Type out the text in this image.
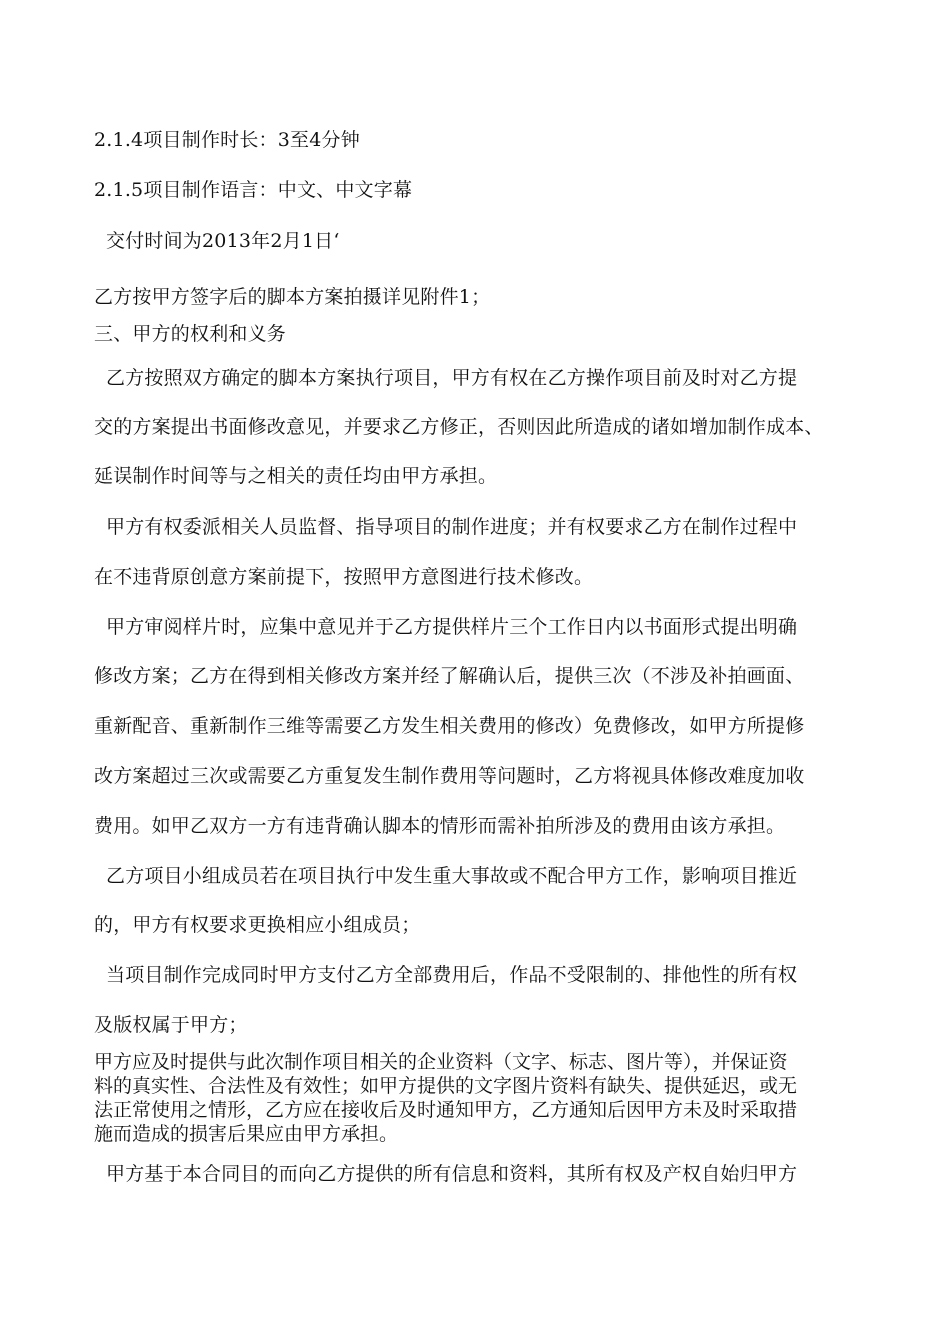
2.1.4项目制作时长：3至4分钟
2.1.5项目制作语言：中文、中文字幕
交付时间为2013年2月1日‘
乙方按甲方签字后的脚本方案拍摄详见附件1；
三、甲方的权利和义务
乙方按照双方确定的脚本方案执行项目，甲方有权在乙方操作项目前及时对乙方提
交的方案提出书面修改意见，并要求乙方修正，否则因此所造成的诸如增加制作成本、
延误制作时间等与之相关的责任均由甲方承担。
甲方有权委派相关人员监督、指导项目的制作进度；并有权要求乙方在制作过程中
在不违背原创意方案前提下，按照甲方意图进行技术修改。
甲方审阅样片时，应集中意见并于乙方提供样片三个工作日内以书面形式提出明确
修改方案；乙方在得到相关修改方案并经了解确认后，提供三次（不涉及补拍画面、
重新配音、重新制作三维等需要乙方发生相关费用的修改）免费修改，如甲方所提修
改方案超过三次或需要乙方重复发生制作费用等问题时，乙方将视具体修改难度加收
费用。如甲乙双方一方有违背确认脚本的情形而需补拍所涉及的费用由该方承担。
乙方项目小组成员若在项目执行中发生重大事故或不配合甲方工作，影响项目推近
的，甲方有权要求更换相应小组成员；
当项目制作完成同时甲方支付乙方全部费用后，作品不受限制的、排他性的所有权
及版权属于甲方；
甲方应及时提供与此次制作项目相关的企业资料（文字、标志、图片等），并保证资
料的真实性、合法性及有效性；如甲方提供的文字图片资料有缺失、提供延迟，或无
法正常使用之情形，乙方应在接收后及时通知甲方，乙方通知后因甲方未及时采取措
施而造成的损害后果应由甲方承担。
甲方基于本合同目的而向乙方提供的所有信息和资料，其所有权及产权自始归甲方
